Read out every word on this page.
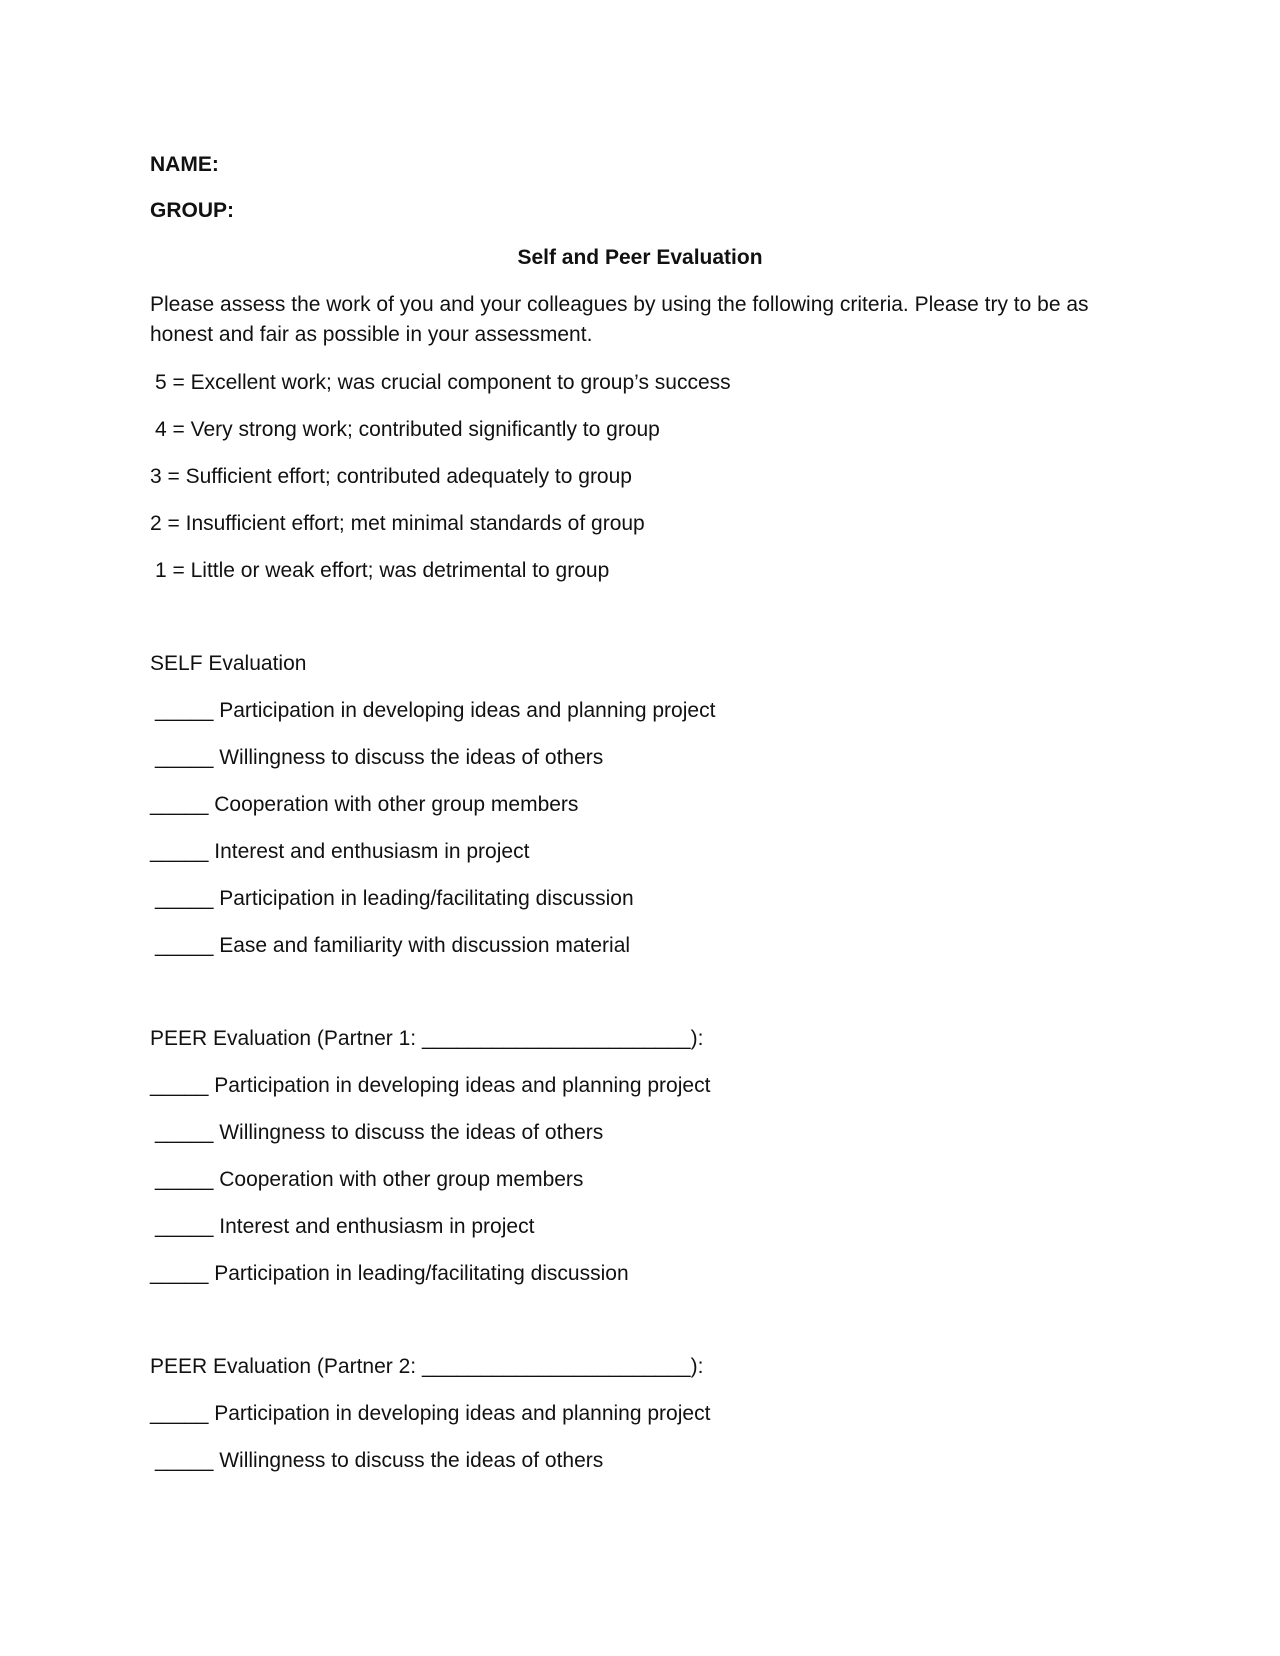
NAME:
GROUP:
Self and Peer Evaluation
Please assess the work of you and your colleagues by using the following criteria. Please try to be as honest and fair as possible in your assessment.
5 = Excellent work; was crucial component to group’s success
4 = Very strong work; contributed significantly to group
3 = Sufficient effort; contributed adequately to group
2 = Insufficient effort; met minimal standards of group
1 = Little or weak effort; was detrimental to group
SELF Evaluation
_____ Participation in developing ideas and planning project
_____ Willingness to discuss the ideas of others
_____ Cooperation with other group members
_____ Interest and enthusiasm in project
_____ Participation in leading/facilitating discussion
_____ Ease and familiarity with discussion material
PEER Evaluation (Partner 1: _______________________):
_____ Participation in developing ideas and planning project
_____ Willingness to discuss the ideas of others
_____ Cooperation with other group members
_____ Interest and enthusiasm in project
_____ Participation in leading/facilitating discussion
PEER Evaluation (Partner 2: _______________________):
_____ Participation in developing ideas and planning project
_____ Willingness to discuss the ideas of others
